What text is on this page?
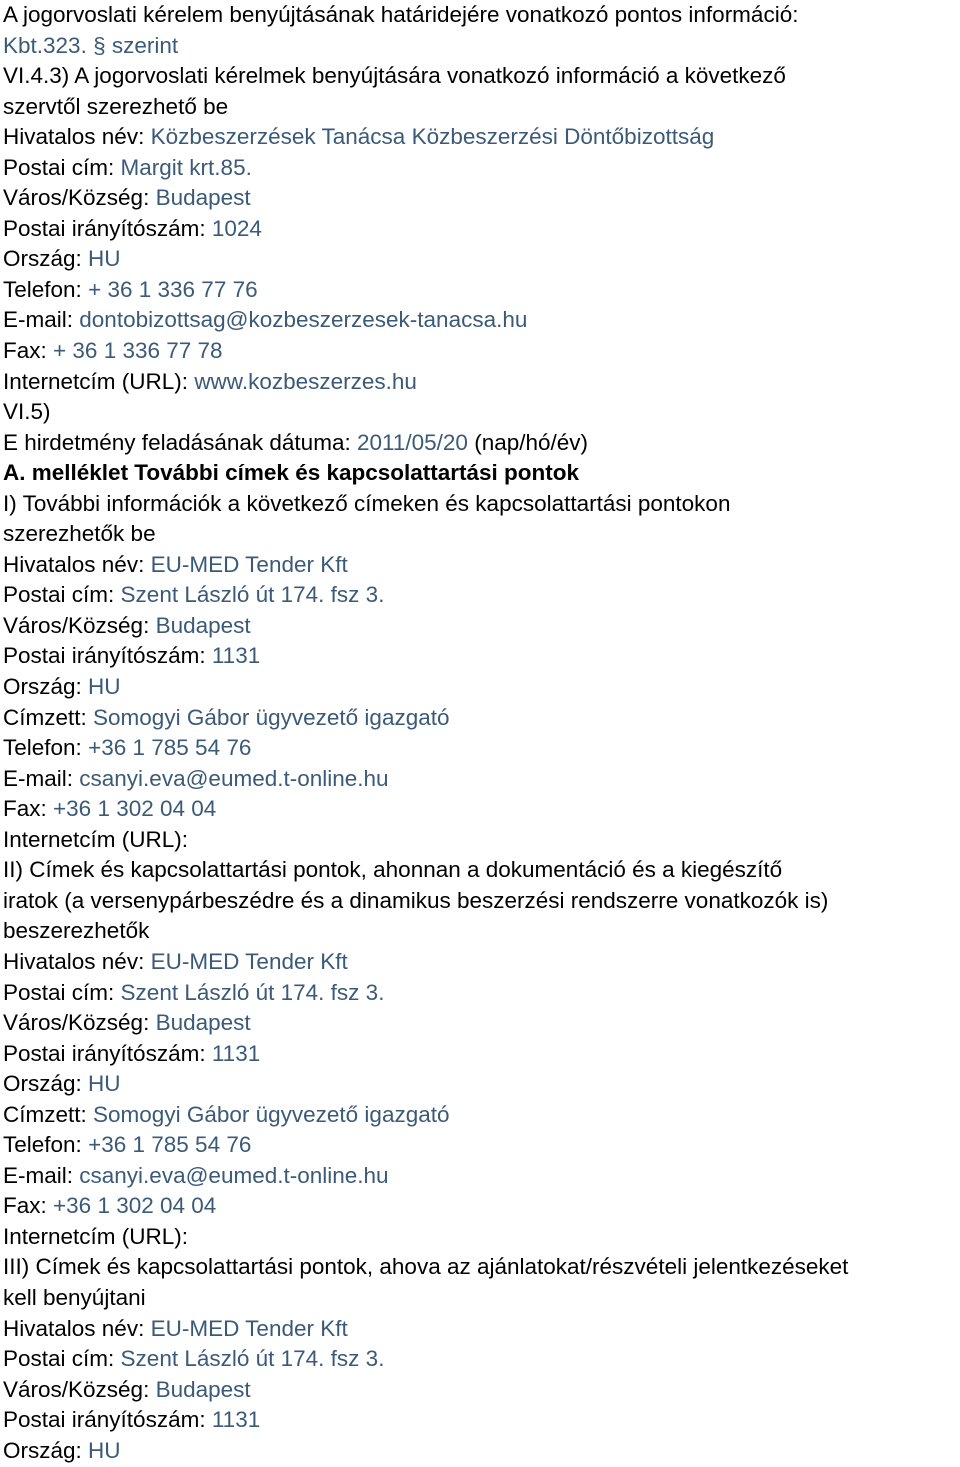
A jogorvoslati kérelem benyújtásának határidejére vonatkozó pontos információ:
Kbt.323. § szerint
VI.4.3) A jogorvoslati kérelmek benyújtására vonatkozó információ a következő
szervtől szerezhető be
Hivatalos név: Közbeszerzések Tanácsa Közbeszerzési Döntőbizottság
Postai cím: Margit krt.85.
Város/Község: Budapest
Postai irányítószám: 1024
Ország: HU
Telefon: + 36 1 336 77 76
E-mail: dontobizottsag@kozbeszerzesek-tanacsa.hu
Fax: + 36 1 336 77 78
Internetcím (URL): www.kozbeszerzes.hu
VI.5)
E hirdetmény feladásának dátuma: 2011/05/20 (nap/hó/év)
A. melléklet További címek és kapcsolattartási pontok
I) További információk a következő címeken és kapcsolattartási pontokon
szerezhetők be
Hivatalos név: EU-MED Tender Kft
Postai cím: Szent László út 174. fsz 3.
Város/Község: Budapest
Postai irányítószám: 1131
Ország: HU
Címzett: Somogyi Gábor ügyvezető igazgató
Telefon: +36 1 785 54 76
E-mail: csanyi.eva@eumed.t-online.hu
Fax: +36 1 302 04 04
Internetcím (URL):
II) Címek és kapcsolattartási pontok, ahonnan a dokumentáció és a kiegészítő
iratok (a versenypárbeszédre és a dinamikus beszerzési rendszerre vonatkozók is)
beszerezhetők
Hivatalos név: EU-MED Tender Kft
Postai cím: Szent László út 174. fsz 3.
Város/Község: Budapest
Postai irányítószám: 1131
Ország: HU
Címzett: Somogyi Gábor ügyvezető igazgató
Telefon: +36 1 785 54 76
E-mail: csanyi.eva@eumed.t-online.hu
Fax: +36 1 302 04 04
Internetcím (URL):
III) Címek és kapcsolattartási pontok, ahova az ajánlatokat/részvételi jelentkezéseket
kell benyújtani
Hivatalos név: EU-MED Tender Kft
Postai cím: Szent László út 174. fsz 3.
Város/Község: Budapest
Postai irányítószám: 1131
Ország: HU
